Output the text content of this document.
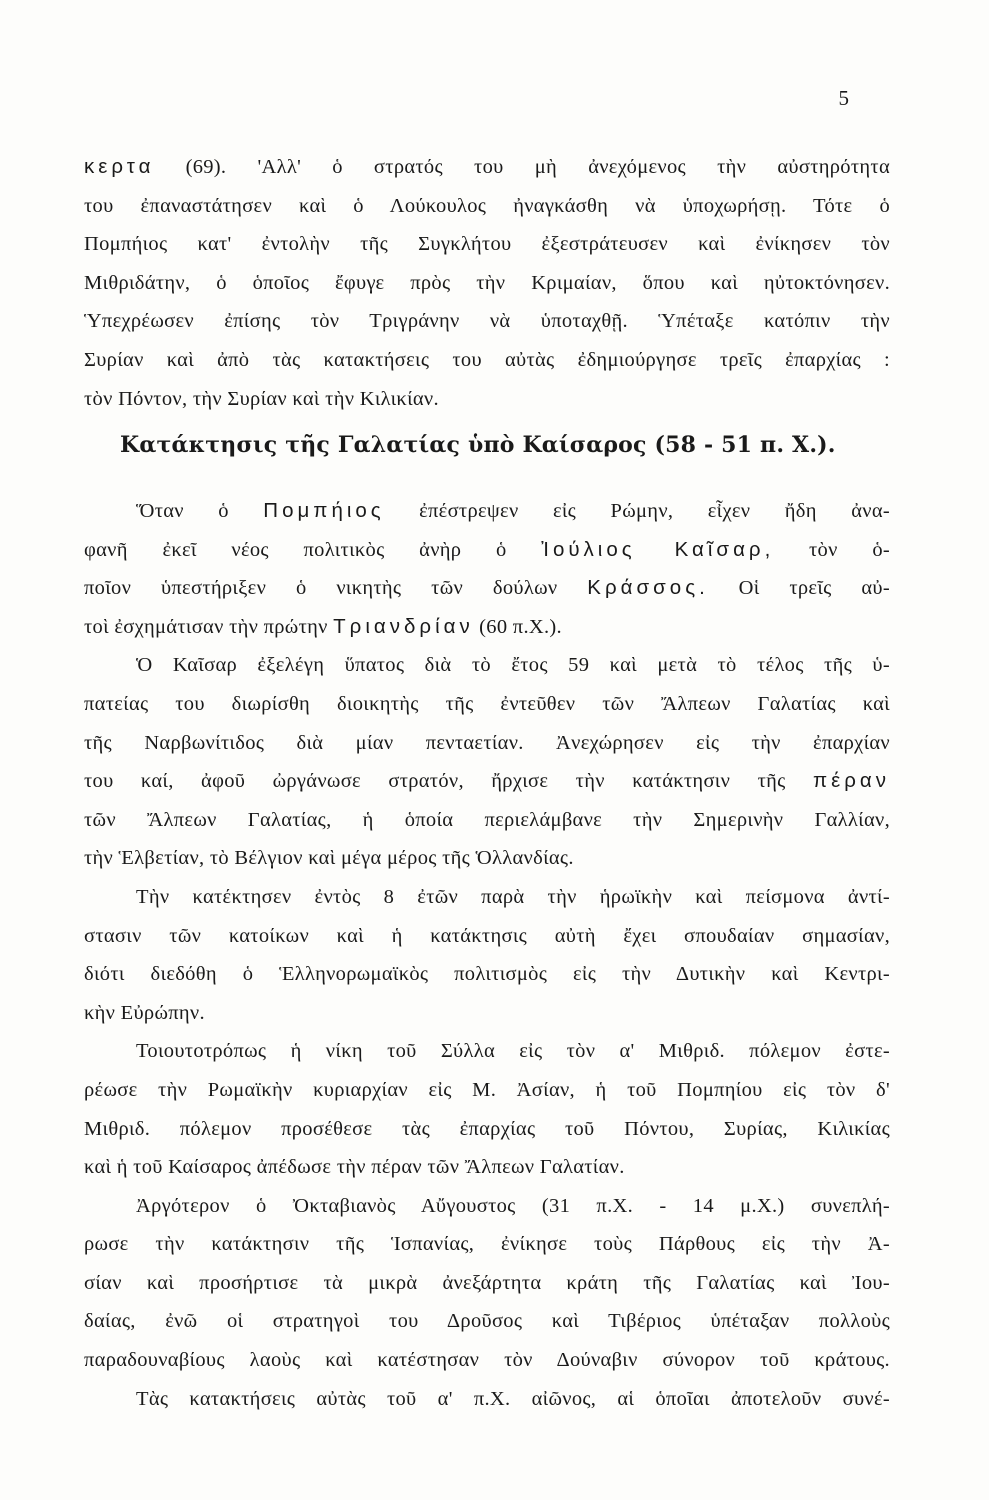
5
κερτα (69). 'Αλλ' ὁ στρατός του μὴ ἀνεχόμενος τὴν αὐστηρότητα
του ἐπαναστάτησεν καὶ ὁ Λούκουλος ἠναγκάσθη νὰ ὑποχωρήσῃ. Τότε ὁ
Πομπήιος κατ' ἐντολὴν τῆς Συγκλήτου ἐξεστράτευσεν καὶ ἐνίκησεν τὸν
Μιθριδάτην, ὁ ὁποῖος ἔφυγε πρὸς τὴν Κριμαίαν, ὅπου καὶ ηὐτοκτόνησεν.
Ὑπεχρέωσεν ἐπίσης τὸν Τριγράνην νὰ ὑποταχθῇ. Ὑπέταξε κατόπιν τὴν
Συρίαν καὶ ἀπὸ τὰς κατακτήσεις του αὐτὰς ἐδημιούργησε τρεῖς ἐπαρχίας :
τὸν Πόντον, τὴν Συρίαν καὶ τὴν Κιλικίαν.
Κατάκτησις τῆς Γαλατίας ὑπὸ Καίσαρος (58 - 51 π. Χ.).
Ὅταν ὁ Πομπήιος ἐπέστρεψεν εἰς Ρώμην, εἶχεν ἤδη ἀνα-
φανῆ ἐκεῖ νέος πολιτικὸς ἀνὴρ ὁ Ἰούλιος Καῖσαρ, τὸν ὁ-
ποῖον ὑπεστήριξεν ὁ νικητὴς τῶν δούλων Κράσσος. Οἱ τρεῖς αὐ-
τοὶ ἐσχημάτισαν τὴν πρώτην Τριανδρίαν (60 π.Χ.).
Ὁ Καῖσαρ ἐξελέγη ὕπατος διὰ τὸ ἔτος 59 καὶ μετὰ τὸ τέλος τῆς ὑ-
πατείας του διωρίσθη διοικητὴς τῆς ἐντεῦθεν τῶν Ἄλπεων Γαλατίας καὶ
τῆς Ναρβωνίτιδος διὰ μίαν πενταετίαν. Ἀνεχώρησεν εἰς τὴν ἐπαρχίαν
του καί, ἀφοῦ ὠργάνωσε στρατόν, ἤρχισε τὴν κατάκτησιν τῆς πέραν
τῶν Ἄλπεων Γαλατίας, ἡ ὁποία περιελάμβανε τὴν Σημερινὴν Γαλλίαν,
τὴν Ἑλβετίαν, τὸ Βέλγιον καὶ μέγα μέρος τῆς Ὁλλανδίας.
Τὴν κατέκτησεν ἐντὸς 8 ἐτῶν παρὰ τὴν ἡρωϊκὴν καὶ πείσμονα ἀντί-
στασιν τῶν κατοίκων καὶ ἡ κατάκτησις αὐτὴ ἔχει σπουδαίαν σημασίαν,
διότι διεδόθη ὁ Ἑλληνορωμαϊκὸς πολιτισμὸς εἰς τὴν Δυτικὴν καὶ Κεντρι-
κὴν Εὐρώπην.
Τοιουτοτρόπως ἡ νίκη τοῦ Σύλλα εἰς τὸν α' Μιθριδ. πόλεμον ἐστε-
ρέωσε τὴν Ρωμαϊκὴν κυριαρχίαν εἰς Μ. Ἀσίαν, ἡ τοῦ Πομπηίου εἰς τὸν δ'
Μιθριδ. πόλεμον προσέθεσε τὰς ἐπαρχίας τοῦ Πόντου, Συρίας, Κιλικίας
καὶ ἡ τοῦ Καίσαρος ἀπέδωσε τὴν πέραν τῶν Ἄλπεων Γαλατίαν.
Ἀργότερον ὁ Ὀκταβιανὸς Αὔγουστος (31 π.Χ. - 14 μ.Χ.) συνεπλή-
ρωσε τὴν κατάκτησιν τῆς Ἱσπανίας, ἐνίκησε τοὺς Πάρθους εἰς τὴν Ἀ-
σίαν καὶ προσήρτισε τὰ μικρὰ ἀνεξάρτητα κράτη τῆς Γαλατίας καὶ Ἰου-
δαίας, ἐνῶ οἱ στρατηγοὶ του Δροῦσος καὶ Τιβέριος ὑπέταξαν πολλοὺς
παραδουναβίους λαοὺς καὶ κατέστησαν τὸν Δούναβιν σύνορον τοῦ κράτους.
Τὰς κατακτήσεις αὐτὰς τοῦ α' π.Χ. αἰῶνος, αἱ ὁποῖαι ἀποτελοῦν συνέ-
